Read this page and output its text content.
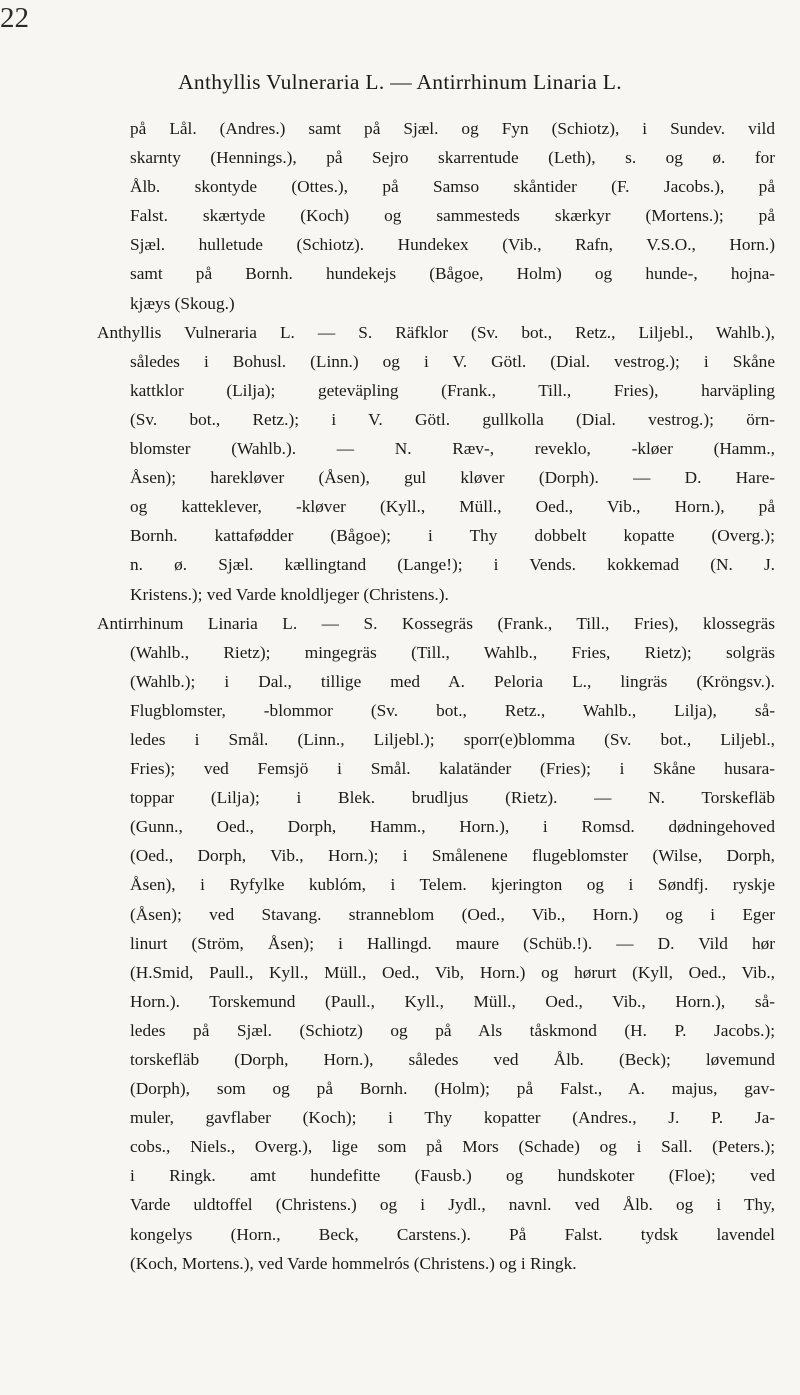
22
Anthyllis Vulneraria L. — Antirrhinum Linaria L.
på Lål. (Andres.) samt på Sjæl. og Fyn (Schiotz), i Sundev. vild
skarnty (Hennings.), på Sejro skarrentude (Leth), s. og ø. for
Ålb. skontyde (Ottes.), på Samso skåntider (F. Jacobs.), på
Falst. skærtyde (Koch) og sammesteds skærkyr (Mortens.); på
Sjæl. hulletude (Schiotz). Hundekex (Vib., Rafn, V.S.O., Horn.)
samt på Bornh. hundekejs (Bågoe, Holm) og hunde-, hojna-
kjæys (Skoug.)
Anthyllis Vulneraria L. — S. Räfklor (Sv. bot., Retz., Liljebl., Wahlb.),
således i Bohusl. (Linn.) og i V. Götl. (Dial. vestrog.); i Skåne
kattklor (Lilja); geteväpling (Frank., Till., Fries), harväpling
(Sv. bot., Retz.); i V. Götl. gullkolla (Dial. vestrog.); örn-
blomster (Wahlb.). — N. Ræv-, reveklo, -kløer (Hamm.,
Åsen); harekløver (Åsen), gul kløver (Dorph). — D. Hare-
og katteklever, -kløver (Kyll., Müll., Oed., Vib., Horn.), på
Bornh. kattafødder (Bågoe); i Thy dobbelt kopatte (Overg.);
n. ø. Sjæl. kællingtand (Lange!); i Vends. kokkemad (N. J.
Kristens.); ved Varde knoldljeger (Christens.).
Antirrhinum Linaria L. — S. Kossegräs (Frank., Till., Fries), klossegräs
(Wahlb., Rietz); mingegräs (Till., Wahlb., Fries, Rietz); solgräs
(Wahlb.); i Dal., tillige med A. Peloria L., lingräs (Kröngsv.).
Flugblomster, -blommor (Sv. bot., Retz., Wahlb., Lilja), så-
ledes i Smål. (Linn., Liljebl.); sporr(e)blomma (Sv. bot., Liljebl.,
Fries); ved Femsjö i Smål. kalatänder (Fries); i Skåne husara-
toppar (Lilja); i Blek. brudljus (Rietz). — N. Torskefläb
(Gunn., Oed., Dorph, Hamm., Horn.), i Romsd. dødningehoved
(Oed., Dorph, Vib., Horn.); i Smålenene flugeblomster (Wilse, Dorph,
Åsen), i Ryfylke kublóm, i Telem. kjerington og i Søndfj. ryskje
(Åsen); ved Stavang. stranneblom (Oed., Vib., Horn.) og i Eger
linurt (Ström, Åsen); i Hallingd. maure (Schüb.!). — D. Vild hør
(H.Smid, Paull., Kyll., Müll., Oed., Vib, Horn.) og hørurt (Kyll, Oed., Vib.,
Horn.). Torskemund (Paull., Kyll., Müll., Oed., Vib., Horn.), så-
ledes på Sjæl. (Schiotz) og på Als tåskmond (H. P. Jacobs.);
torskefläb (Dorph, Horn.), således ved Ålb. (Beck); løvemund
(Dorph), som og på Bornh. (Holm); på Falst., A. majus, gav-
muler, gavflaber (Koch); i Thy kopatter (Andres., J. P. Ja-
cobs., Niels., Overg.), lige som på Mors (Schade) og i Sall. (Peters.);
i Ringk. amt hundefitte (Fausb.) og hundskoter (Floe); ved
Varde uldtoffel (Christens.) og i Jydl., navnl. ved Ålb. og i Thy,
kongelys (Horn., Beck, Carstens.). På Falst. tydsk lavendel
(Koch, Mortens.), ved Varde hommelrós (Christens.) og i Ringk.
